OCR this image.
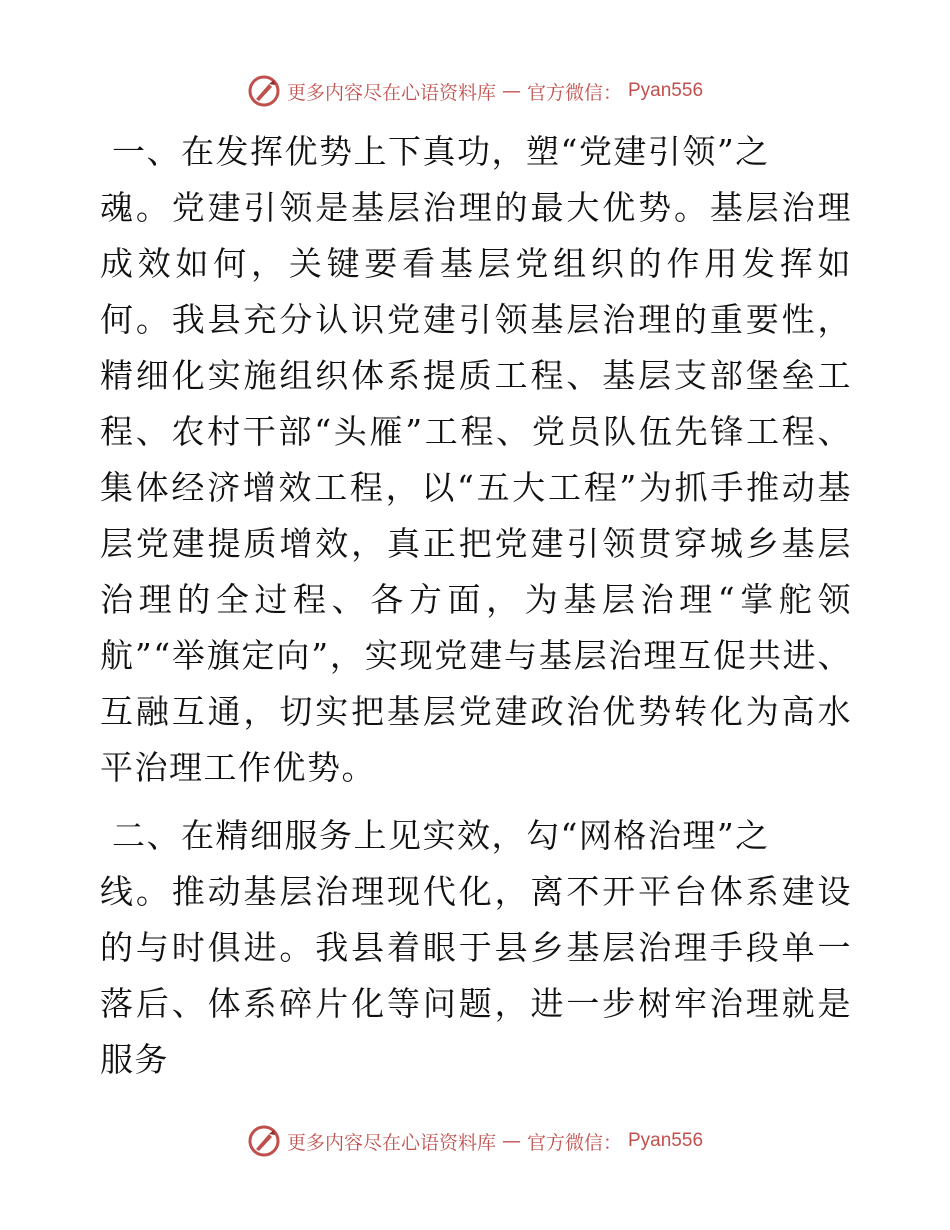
更多内容尽在心语资料库 — 官方微信： Pyan556

一、在发挥优势上下真功，塑“党建引领”之
魂。党建引领是基层治理的最大优势。基层治理成效如何，关键要看基层党组织的作用发挥如何。我县充分认识党建引领基层治理的重要性，精细化实施组织体系提质工程、基层支部堡垒工程、农村干部“头雁”工程、党员队伍先锋工程、集体经济增效工程，以“五大工程”为抓手推动基层党建提质增效，真正把党建引领贯穿城乡基层治理的全过程、各方面，为基层治理“掌舵领航”“举旗定向”，实现党建与基层治理互促共进、互融互通，切实把基层党建政治优势转化为高水平治理工作优势。

二、在精细服务上见实效，勾“网格治理”之
线。推动基层治理现代化，离不开平台体系建设的与时俱进。我县着眼于县乡基层治理手段单一落后、体系碎片化等问题，进一步树牢治理就是服务

更多内容尽在心语资料库 — 官方微信： Pyan556
